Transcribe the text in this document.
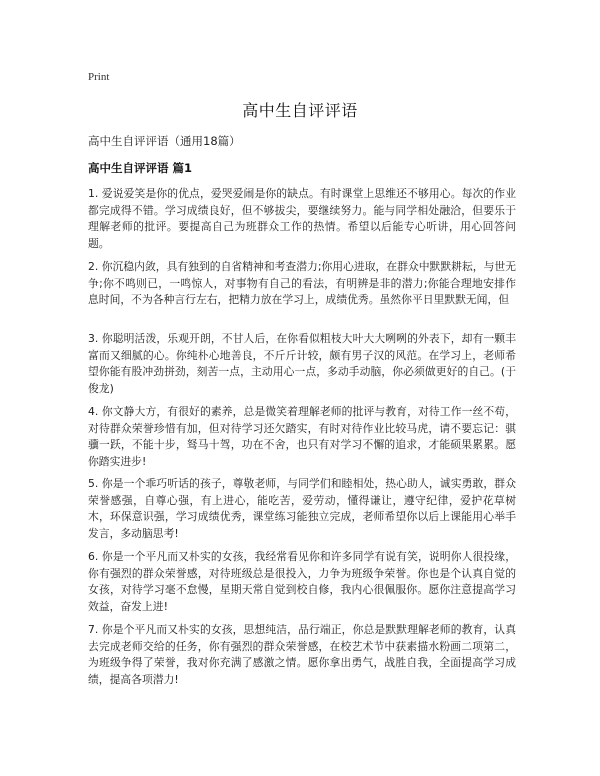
Print
高中生自评评语
高中生自评评语（通用18篇）
高中生自评评语 篇1

1. 爱说爱笑是你的优点，爱哭爱闹是你的缺点。有时课堂上思维还不够用心。每次的作业都完成得不错。学习成绩良好，但不够拔尖，要继续努力。能与同学相处融洽，但要乐于理解老师的批评。要提高自己为班群众工作的热情。希望以后能专心听讲，用心回答问题。

2. 你沉稳内敛，具有独到的自省精神和考查潜力;你用心进取，在群众中默默耕耘，与世无争;你不鸣则已，一鸣惊人，对事物有自己的看法，有明辨是非的潜力;你能合理地安排作息时间，不为各种言行左右，把精力放在学习上，成绩优秀。虽然你平日里默默无闻，但

3. 你聪明活泼，乐观开朗，不甘人后，在你看似粗枝大叶大大咧咧的外表下，却有一颗丰富而又细腻的心。你纯朴心地善良，不斤斤计较，颇有男子汉的风范。在学习上，老师希望你能有股冲劲拼劲，刻苦一点，主动用心一点，多动手动脑，你必须做更好的自己。(于俊龙)

4. 你文静大方，有很好的素养，总是微笑着理解老师的批评与教育，对待工作一丝不苟，对待群众荣誉珍惜有加，但对待学习还欠踏实，有时对待作业比较马虎，请不要忘记：骐骥一跃，不能十步，驽马十驾，功在不舍，也只有对学习不懈的追求，才能硕果累累。愿你踏实进步!

5. 你是一个乖巧听话的孩子，尊敬老师，与同学们和睦相处，热心助人，诚实勇敢，群众荣誉感强，自尊心强，有上进心，能吃苦，爱劳动，懂得谦让，遵守纪律，爱护花草树木，环保意识强，学习成绩优秀，课堂练习能独立完成，老师希望你以后上课能用心举手发言，多动脑思考!

6. 你是一个平凡而又朴实的女孩，我经常看见你和许多同学有说有笑，说明你人很投缘，你有强烈的群众荣誉感，对待班级总是很投入，力争为班级争荣誉。你也是个认真自觉的女孩，对待学习毫不怠慢，星期天常自觉到校自修，我内心很佩服你。愿你注意提高学习效益，奋发上进!

7. 你是个平凡而又朴实的女孩，思想纯洁，品行端正，你总是默默理解老师的教育，认真去完成老师交给的任务，你有强烈的群众荣誉感，在校艺术节中获素描水粉画二项第二，为班级争得了荣誉，我对你充满了感激之情。愿你拿出勇气，战胜自我，全面提高学习成绩，提高各项潜力!
